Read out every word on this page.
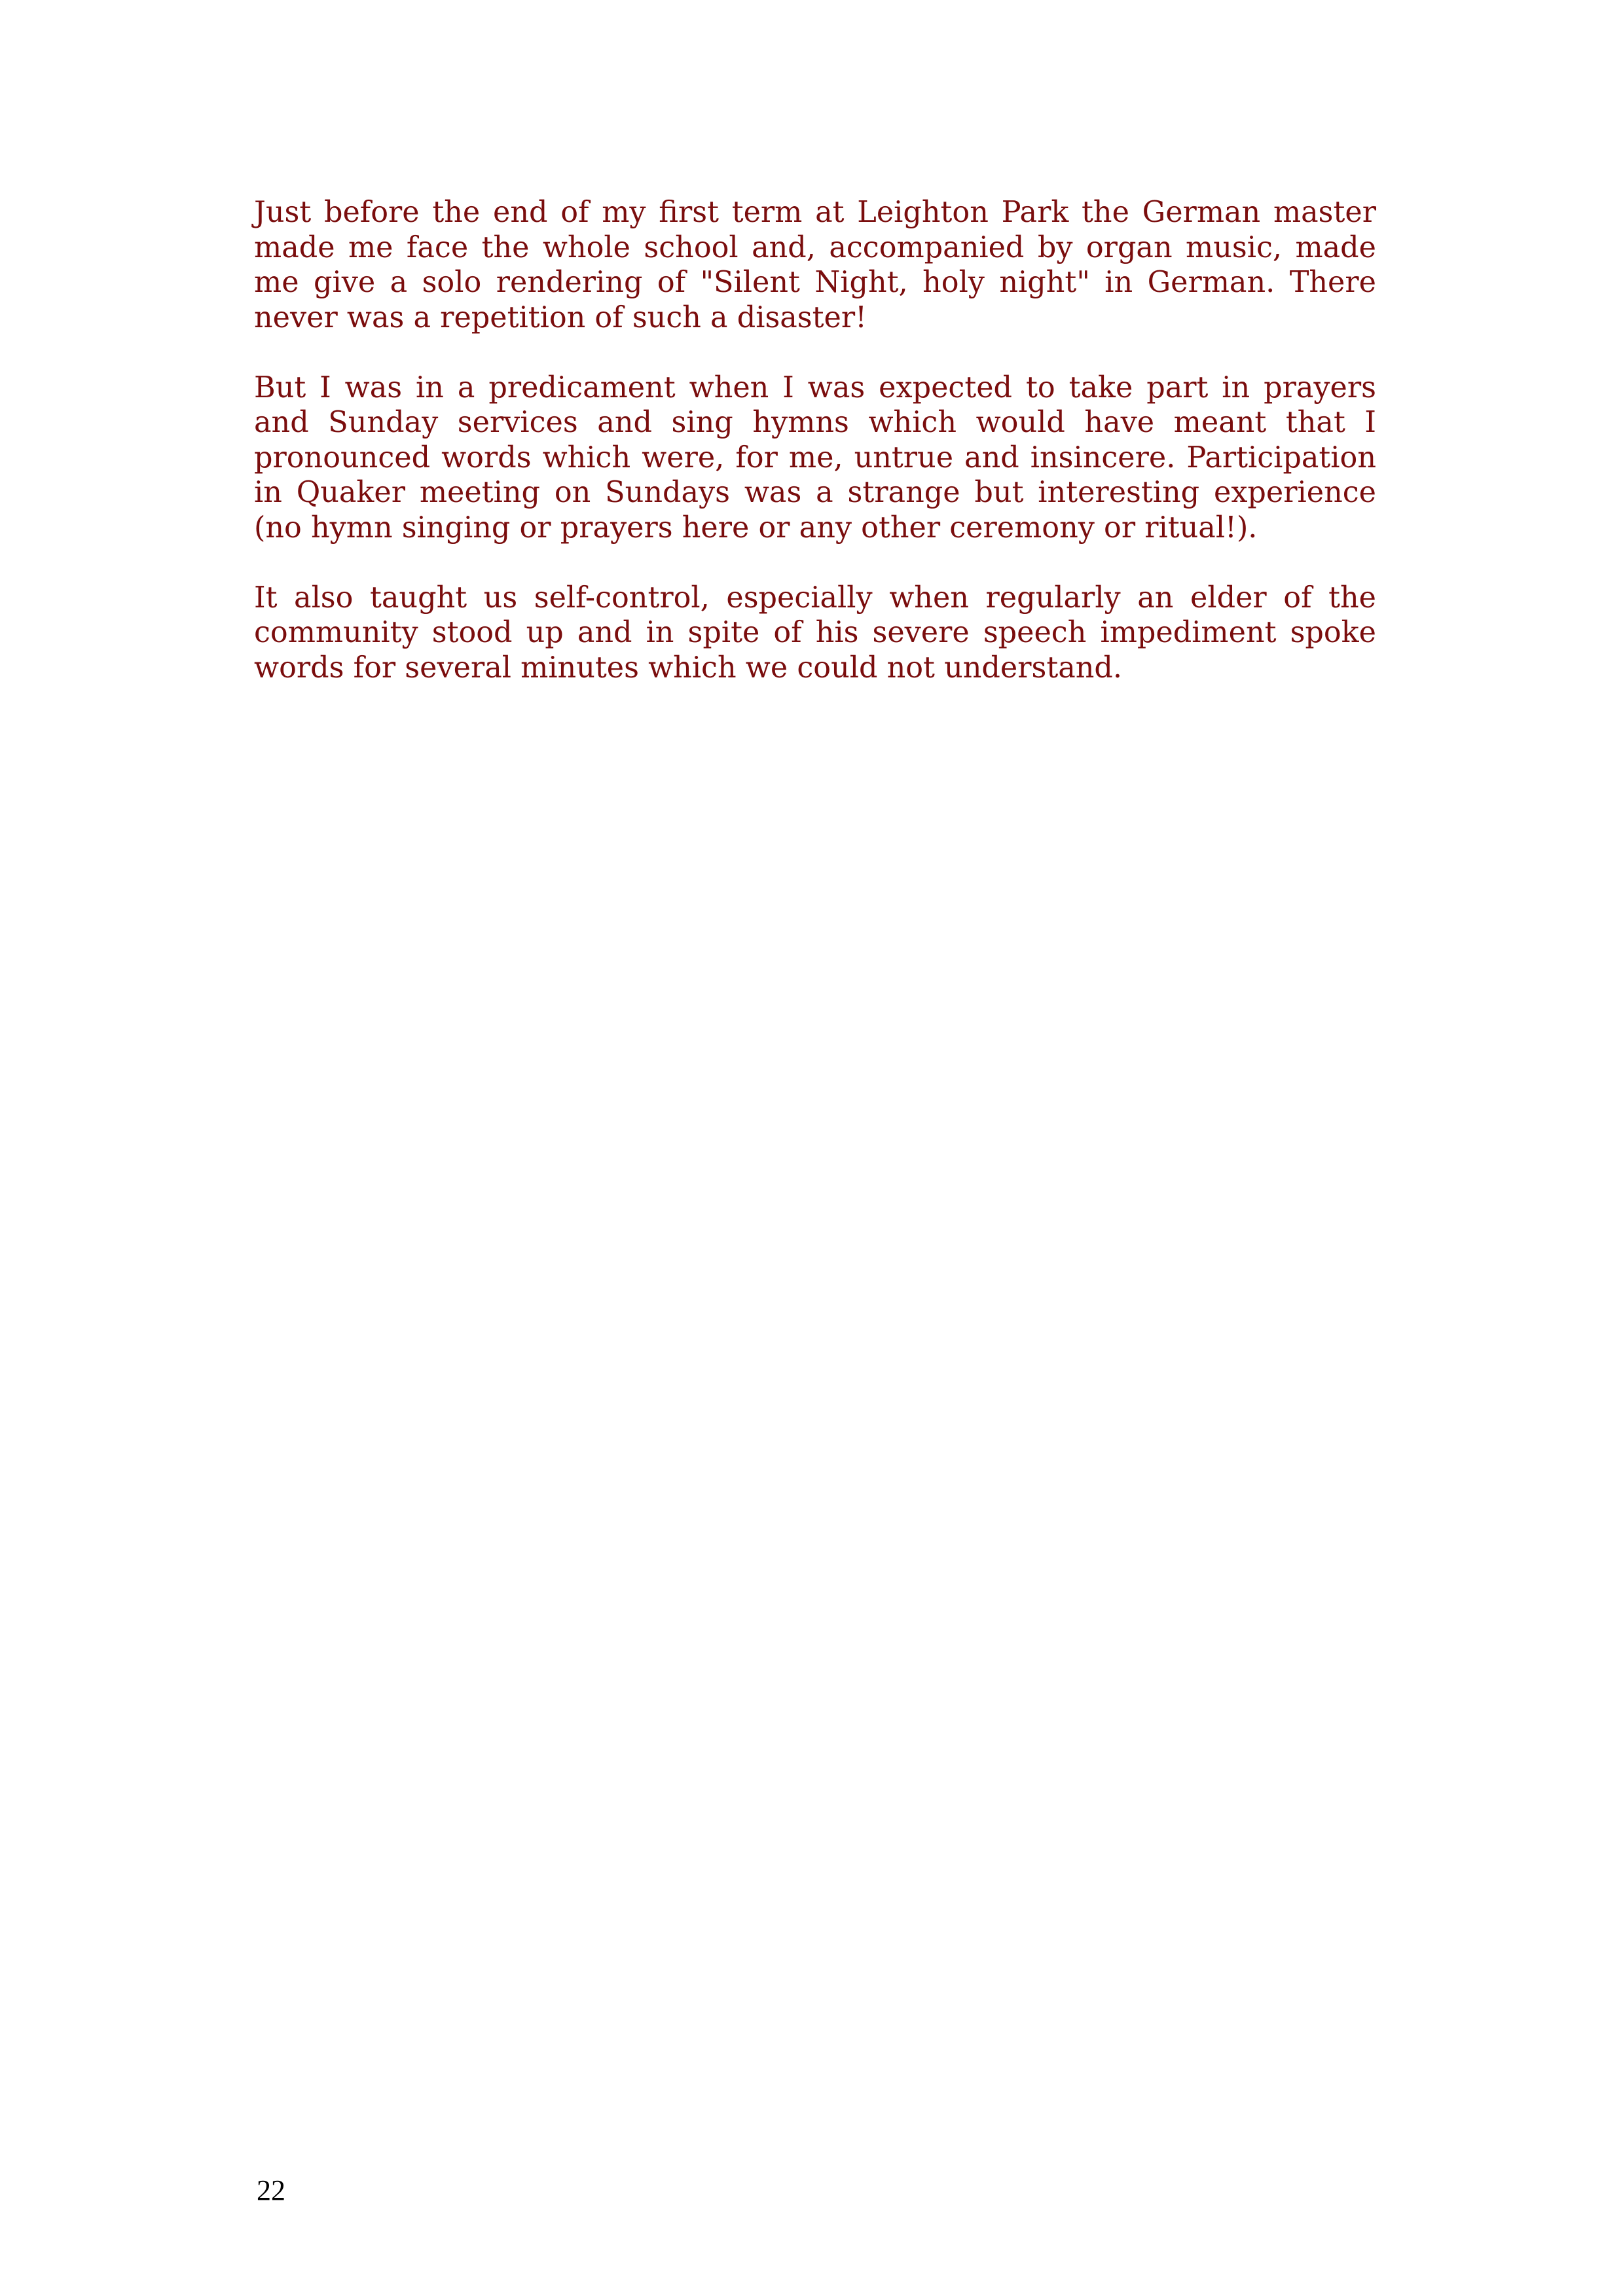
Just before the end of my first term at Leighton Park the German master made me face the whole school and, accompanied by organ music, made me give a solo rendering of "Silent Night, holy night" in German. There never was a repetition of such a disaster!

But I was in a predicament when I was expected to take part in prayers and Sunday services and sing hymns which would have meant that I pronounced words which were, for me, untrue and insincere. Participation in Quaker meeting on Sundays was a strange but interesting experience (no hymn singing or prayers here or any other ceremony or ritual!).

It also taught us self-control, especially when regularly an elder of the community stood up and in spite of his severe speech impediment spoke words for several minutes which we could not understand.

22
